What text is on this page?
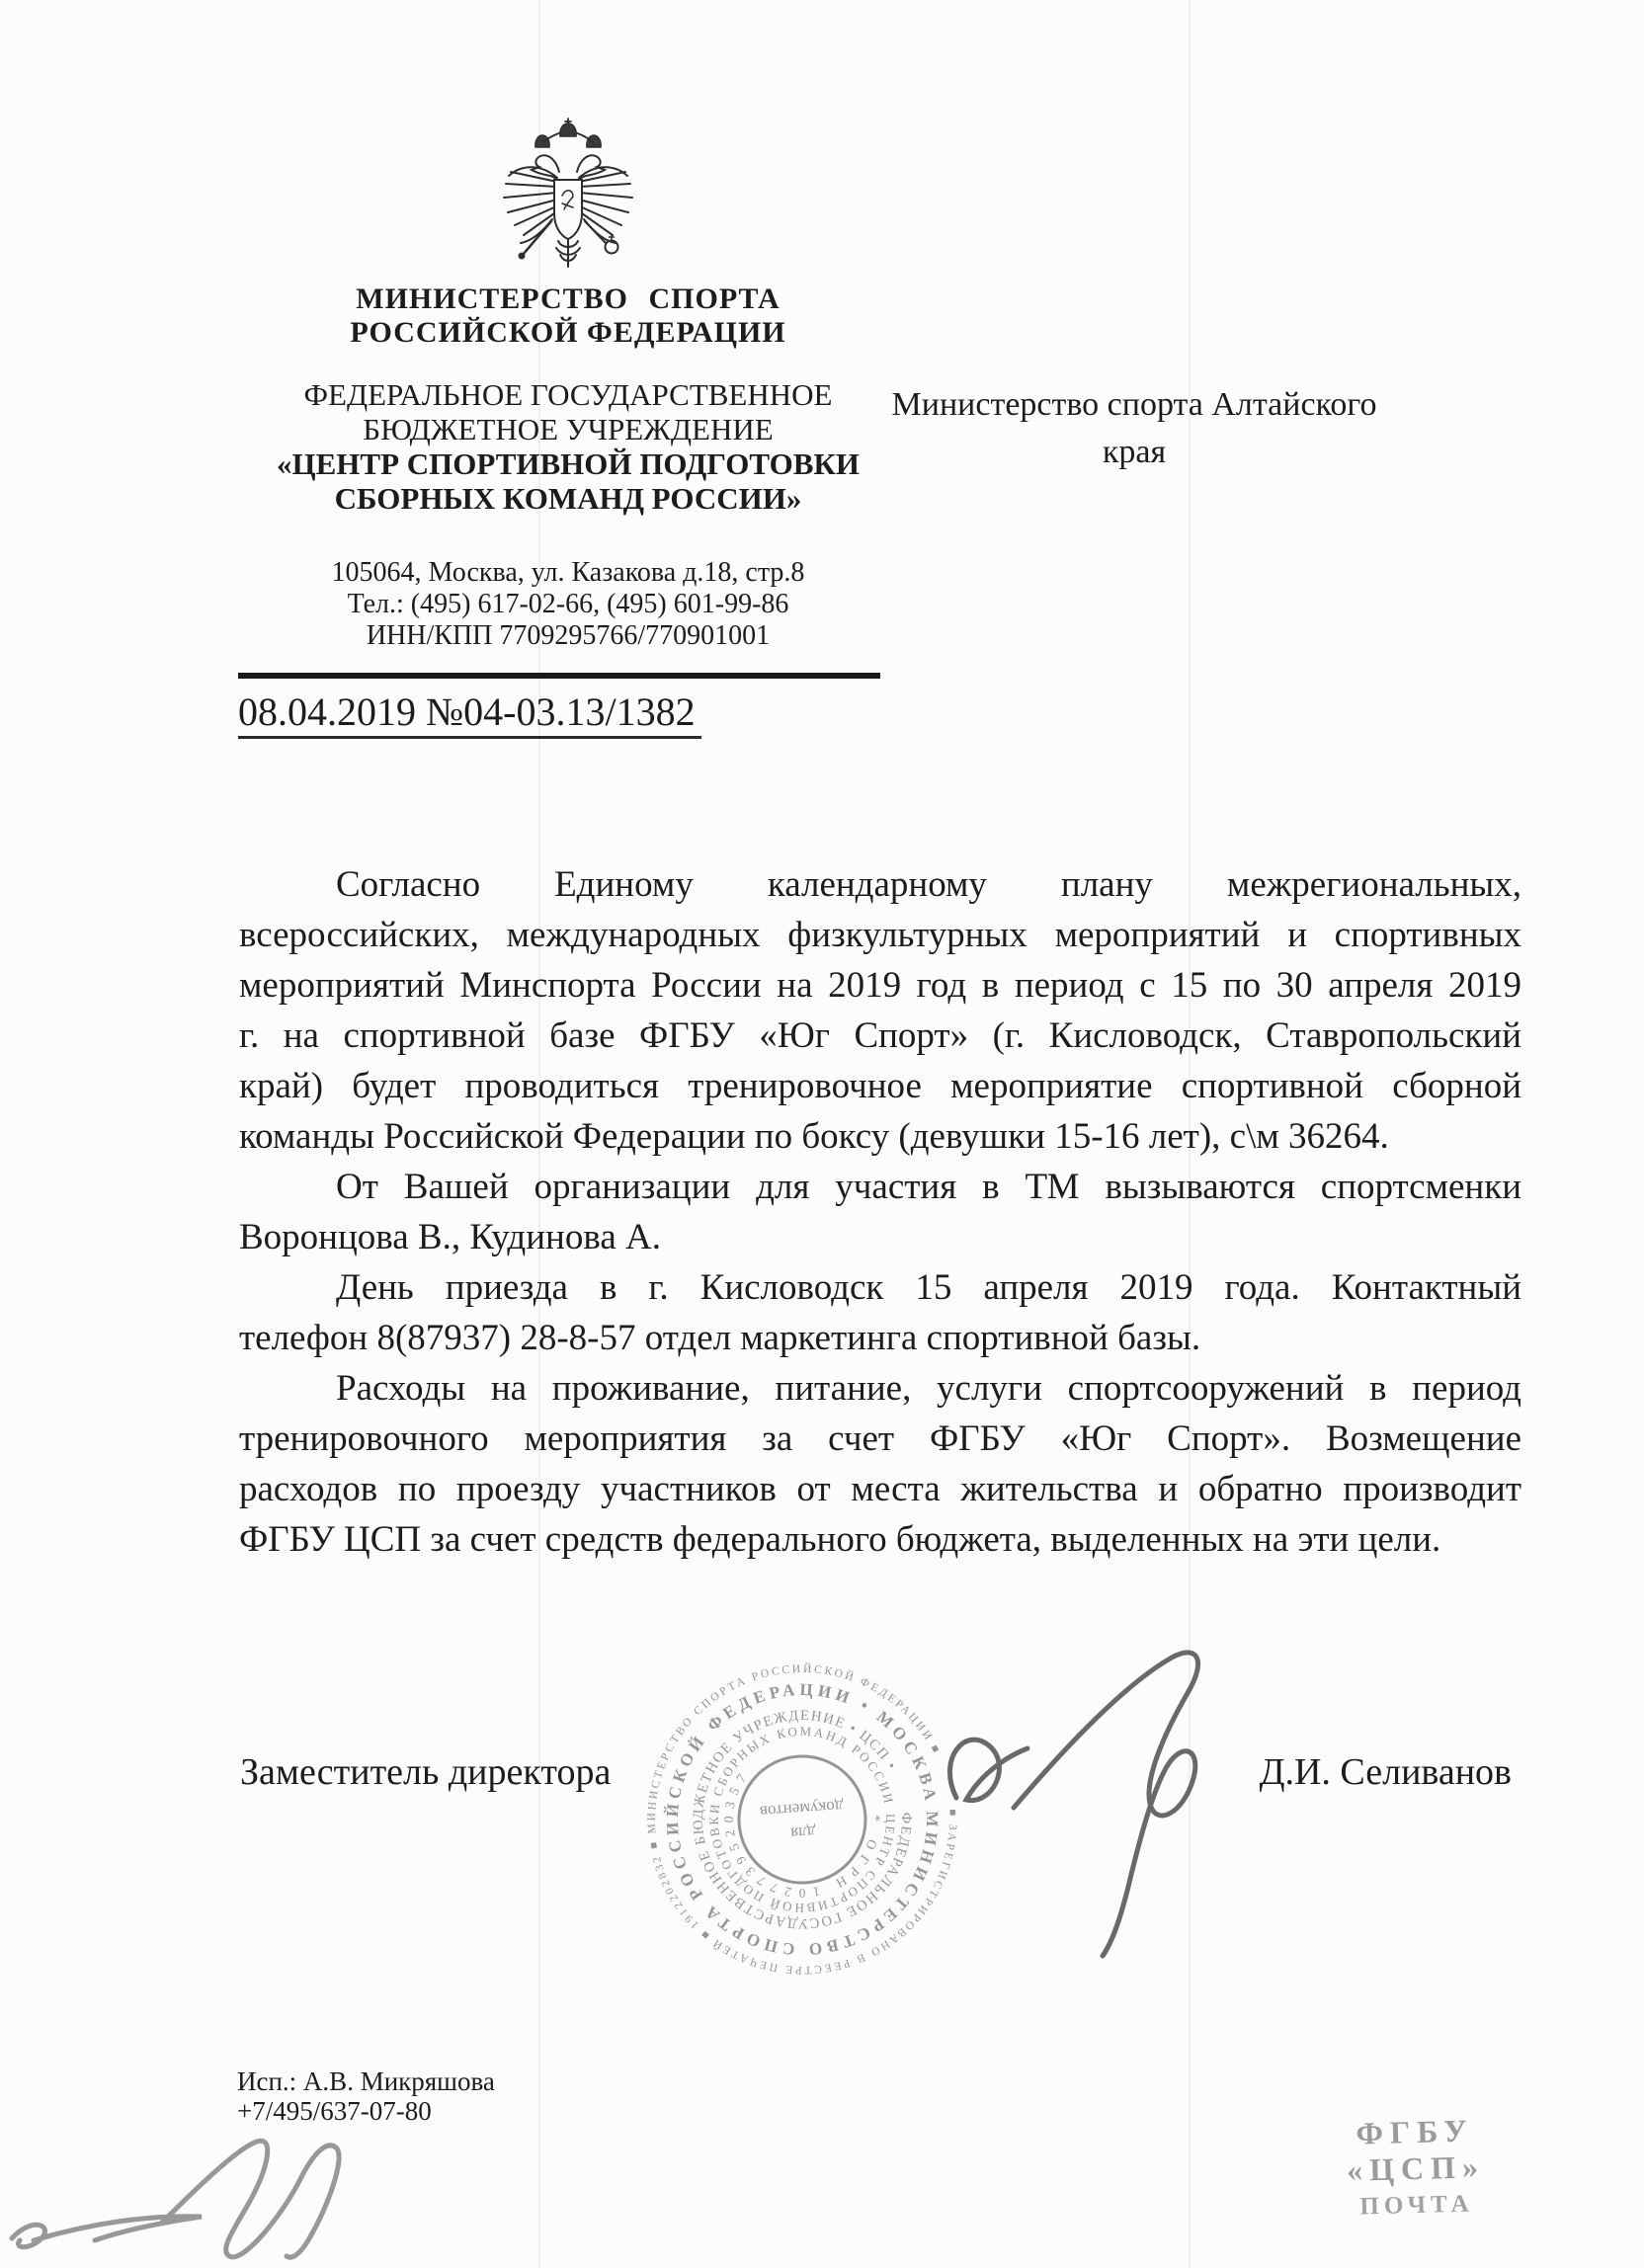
МИНИСТЕРСТВО СПОРТА
РОССИЙСКОЙ ФЕДЕРАЦИИ
ФЕДЕРАЛЬНОЕ ГОСУДАРСТВЕННОЕ
БЮДЖЕТНОЕ УЧРЕЖДЕНИЕ
«ЦЕНТР СПОРТИВНОЙ ПОДГОТОВКИ
СБОРНЫХ КОМАНД РОССИИ»
105064, Москва, ул. Казакова д.18, стр.8
Тел.: (495) 617-02-66, (495) 601-99-86
ИНН/КПП 7709295766/770901001
Министерство спорта Алтайского
края
08.04.2019 №04-03.13/1382
Согласно Единому календарному плану межрегиональных,
всероссийских, международных физкультурных мероприятий и спортивных
мероприятий Минспорта России на 2019 год в период с 15 по 30 апреля 2019
г. на спортивной базе ФГБУ «Юг Спорт» (г. Кисловодск, Ставропольский
край) будет проводиться тренировочное мероприятие спортивной сборной
команды Российской Федерации по боксу (девушки 15-16 лет), с\м 36264.
От Вашей организации для участия в ТМ вызываются спортсменки
Воронцова В., Кудинова А.
День приезда в г. Кисловодск 15 апреля 2019 года. Контактный
телефон 8(87937) 28-8-57 отдел маркетинга спортивной базы.
Расходы на проживание, питание, услуги спортсооружений в период
тренировочного мероприятия за счет ФГБУ «Юг Спорт». Возмещение
расходов по проезду участников от места жительства и обратно производит
ФГБУ ЦСП за счет средств федерального бюджета, выделенных на эти цели.
Заместитель директора	Д.И. Селиванов
■ ЗАРЕГИСТРИРОВАНО В РЕЕСТРЕ ПЕЧАТЕЙ ■ 1912202832 ■ МИНИСТЕРСТВО СПОРТА РОССИЙСКОЙ ФЕДЕРАЦИИ ■
МИНИСТЕРСТВО СПОРТА РОССИЙСКОЙ ФЕДЕРАЦИИ • МОСКВА
ФЕДЕРАЛЬНОЕ ГОСУДАРСТВЕННОЕ БЮДЖЕТНОЕ УЧРЕЖДЕНИЕ • ЦСП •
ЦЕНТР СПОРТИВНОЙ ПОДГОТОВКИ СБОРНЫХ КОМАНД РОССИИ
* ОГРН 1027739520357
для
документов
Исп.: А.В. Микряшова
+7/495/637-07-80
ФГБУ «ЦСП»
ПОЧТА
